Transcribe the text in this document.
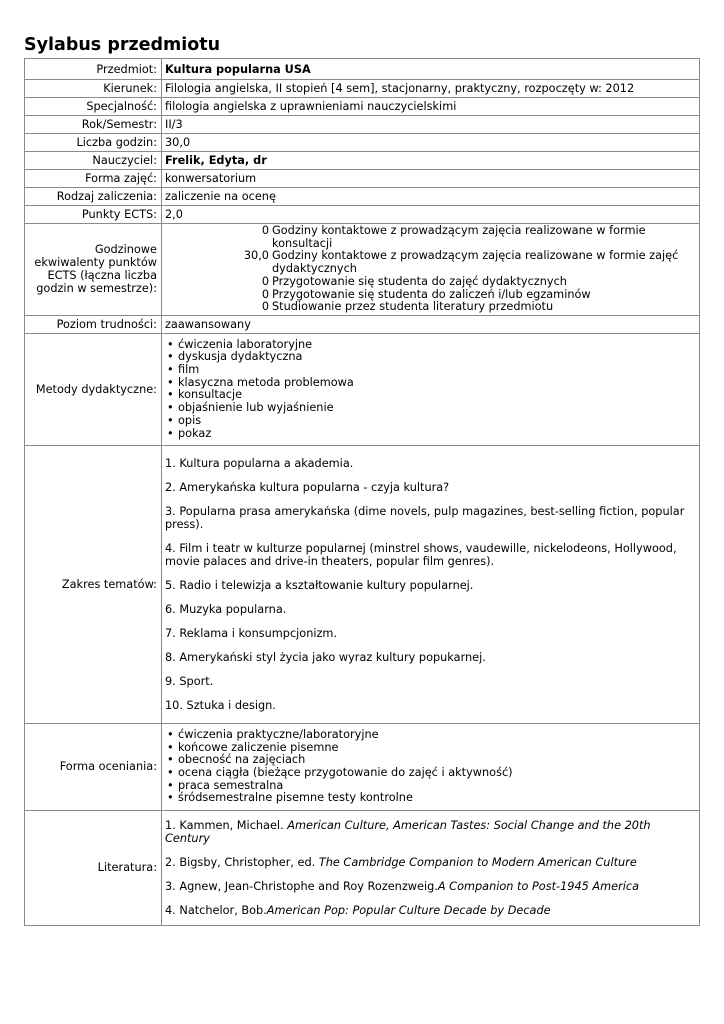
Sylabus przedmiotu
Przedmiot:	Kultura popularna USA
Kierunek:	Filologia angielska, II stopień [4 sem], stacjonarny, praktyczny, rozpoczęty w: 2012
Specjalność:	filologia angielska z uprawnieniami nauczycielskimi
Rok/Semestr:	II/3
Liczba godzin:	30,0
Nauczyciel:	Frelik, Edyta, dr
Forma zajęć:	konwersatorium
Rodzaj zaliczenia:	zaliczenie na ocenę
Punkty ECTS:	2,0
Godzinowe ekwiwalenty punktów ECTS (łączna liczba godzin w semestrze):	
0	Godziny kontaktowe z prowadzącym zajęcia realizowane w formie konsultacji
30,0	Godziny kontaktowe z prowadzącym zajęcia realizowane w formie zajęć dydaktycznych
0	Przygotowanie się studenta do zajęć dydaktycznych
0	Przygotowanie się studenta do zaliczeń i/lub egzaminów
0	Studiowanie przez studenta literatury przedmiotu

Poziom trudności:	zaawansowany
Metody dydaktyczne:	
• ćwiczenia laboratoryjne
• dyskusja dydaktyczna
• film
• klasyczna metoda problemowa
• konsultacje
• objaśnienie lub wyjaśnienie
• opis
• pokaz

Zakres tematów:	

1. Kultura popularna a akademia.

2. Amerykańska kultura popularna - czyja kultura?

3. Popularna prasa amerykańska (dime novels, pulp magazines, best-selling fiction, popular press).

4. Film i teatr w kulturze popularnej (minstrel shows, vaudewille, nickelodeons, Hollywood, movie palaces and drive-in theaters, popular film genres).

5. Radio i telewizja a kształtowanie kultury popularnej.

6. Muzyka popularna.

7. Reklama i konsumpcjonizm.

8. Amerykański styl życia jako wyraz kultury popukarnej.

9. Sport.

10. Sztuka i design.

Forma oceniania:	
• ćwiczenia praktyczne/laboratoryjne
• końcowe zaliczenie pisemne
• obecność na zajęciach
• ocena ciągła (bieżące przygotowanie do zajęć i aktywność)
• praca semestralna
• śródsemestralne pisemne testy kontrolne

Literatura:	

1. Kammen, Michael. American Culture, American Tastes: Social Change and the 20th Century

2. Bigsby, Christopher, ed. The Cambridge Companion to Modern American Culture

3. Agnew, Jean-Christophe and Roy Rozenzweig.A Companion to Post-1945 America

4. Natchelor, Bob.American Pop: Popular Culture Decade by Decade
